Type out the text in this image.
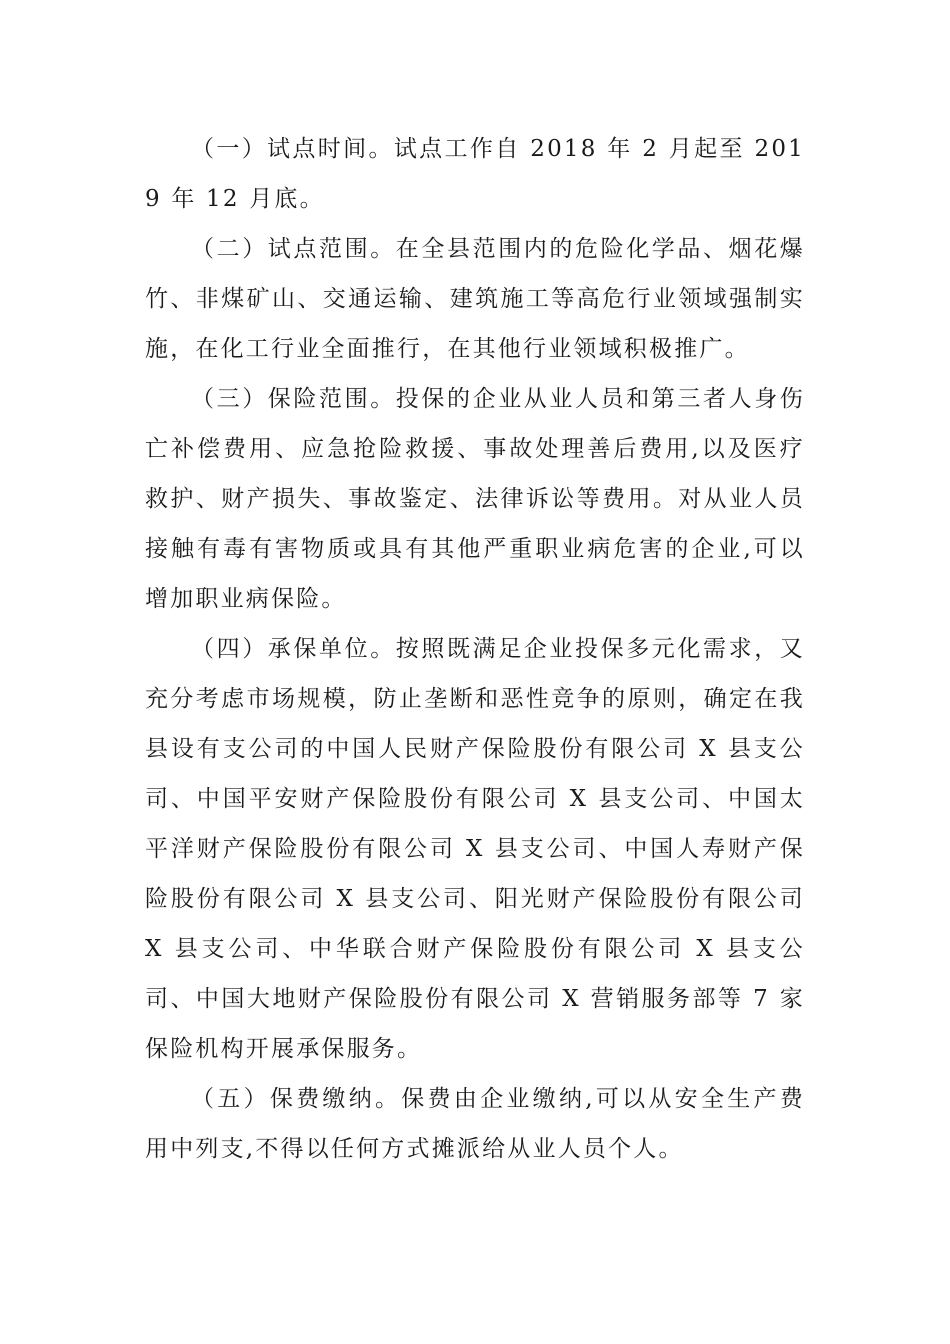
（一）试点时间。试点工作自 2018 年 2 月起至 2019 年 12 月底。

（二）试点范围。在全县范围内的危险化学品、烟花爆竹、非煤矿山、交通运输、建筑施工等高危行业领域强制实施，在化工行业全面推行，在其他行业领域积极推广。

（三）保险范围。投保的企业从业人员和第三者人身伤亡补偿费用、应急抢险救援、事故处理善后费用,以及医疗救护、财产损失、事故鉴定、法律诉讼等费用。对从业人员接触有毒有害物质或具有其他严重职业病危害的企业,可以增加职业病保险。

（四）承保单位。按照既满足企业投保多元化需求，又充分考虑市场规模，防止垄断和恶性竞争的原则，确定在我县设有支公司的中国人民财产保险股份有限公司 X 县支公司、中国平安财产保险股份有限公司 X 县支公司、中国太平洋财产保险股份有限公司 X 县支公司、中国人寿财产保险股份有限公司 X 县支公司、阳光财产保险股份有限公司 X 县支公司、中华联合财产保险股份有限公司 X 县支公司、中国大地财产保险股份有限公司 X 营销服务部等 7 家保险机构开展承保服务。

（五）保费缴纳。保费由企业缴纳,可以从安全生产费用中列支,不得以任何方式摊派给从业人员个人。
